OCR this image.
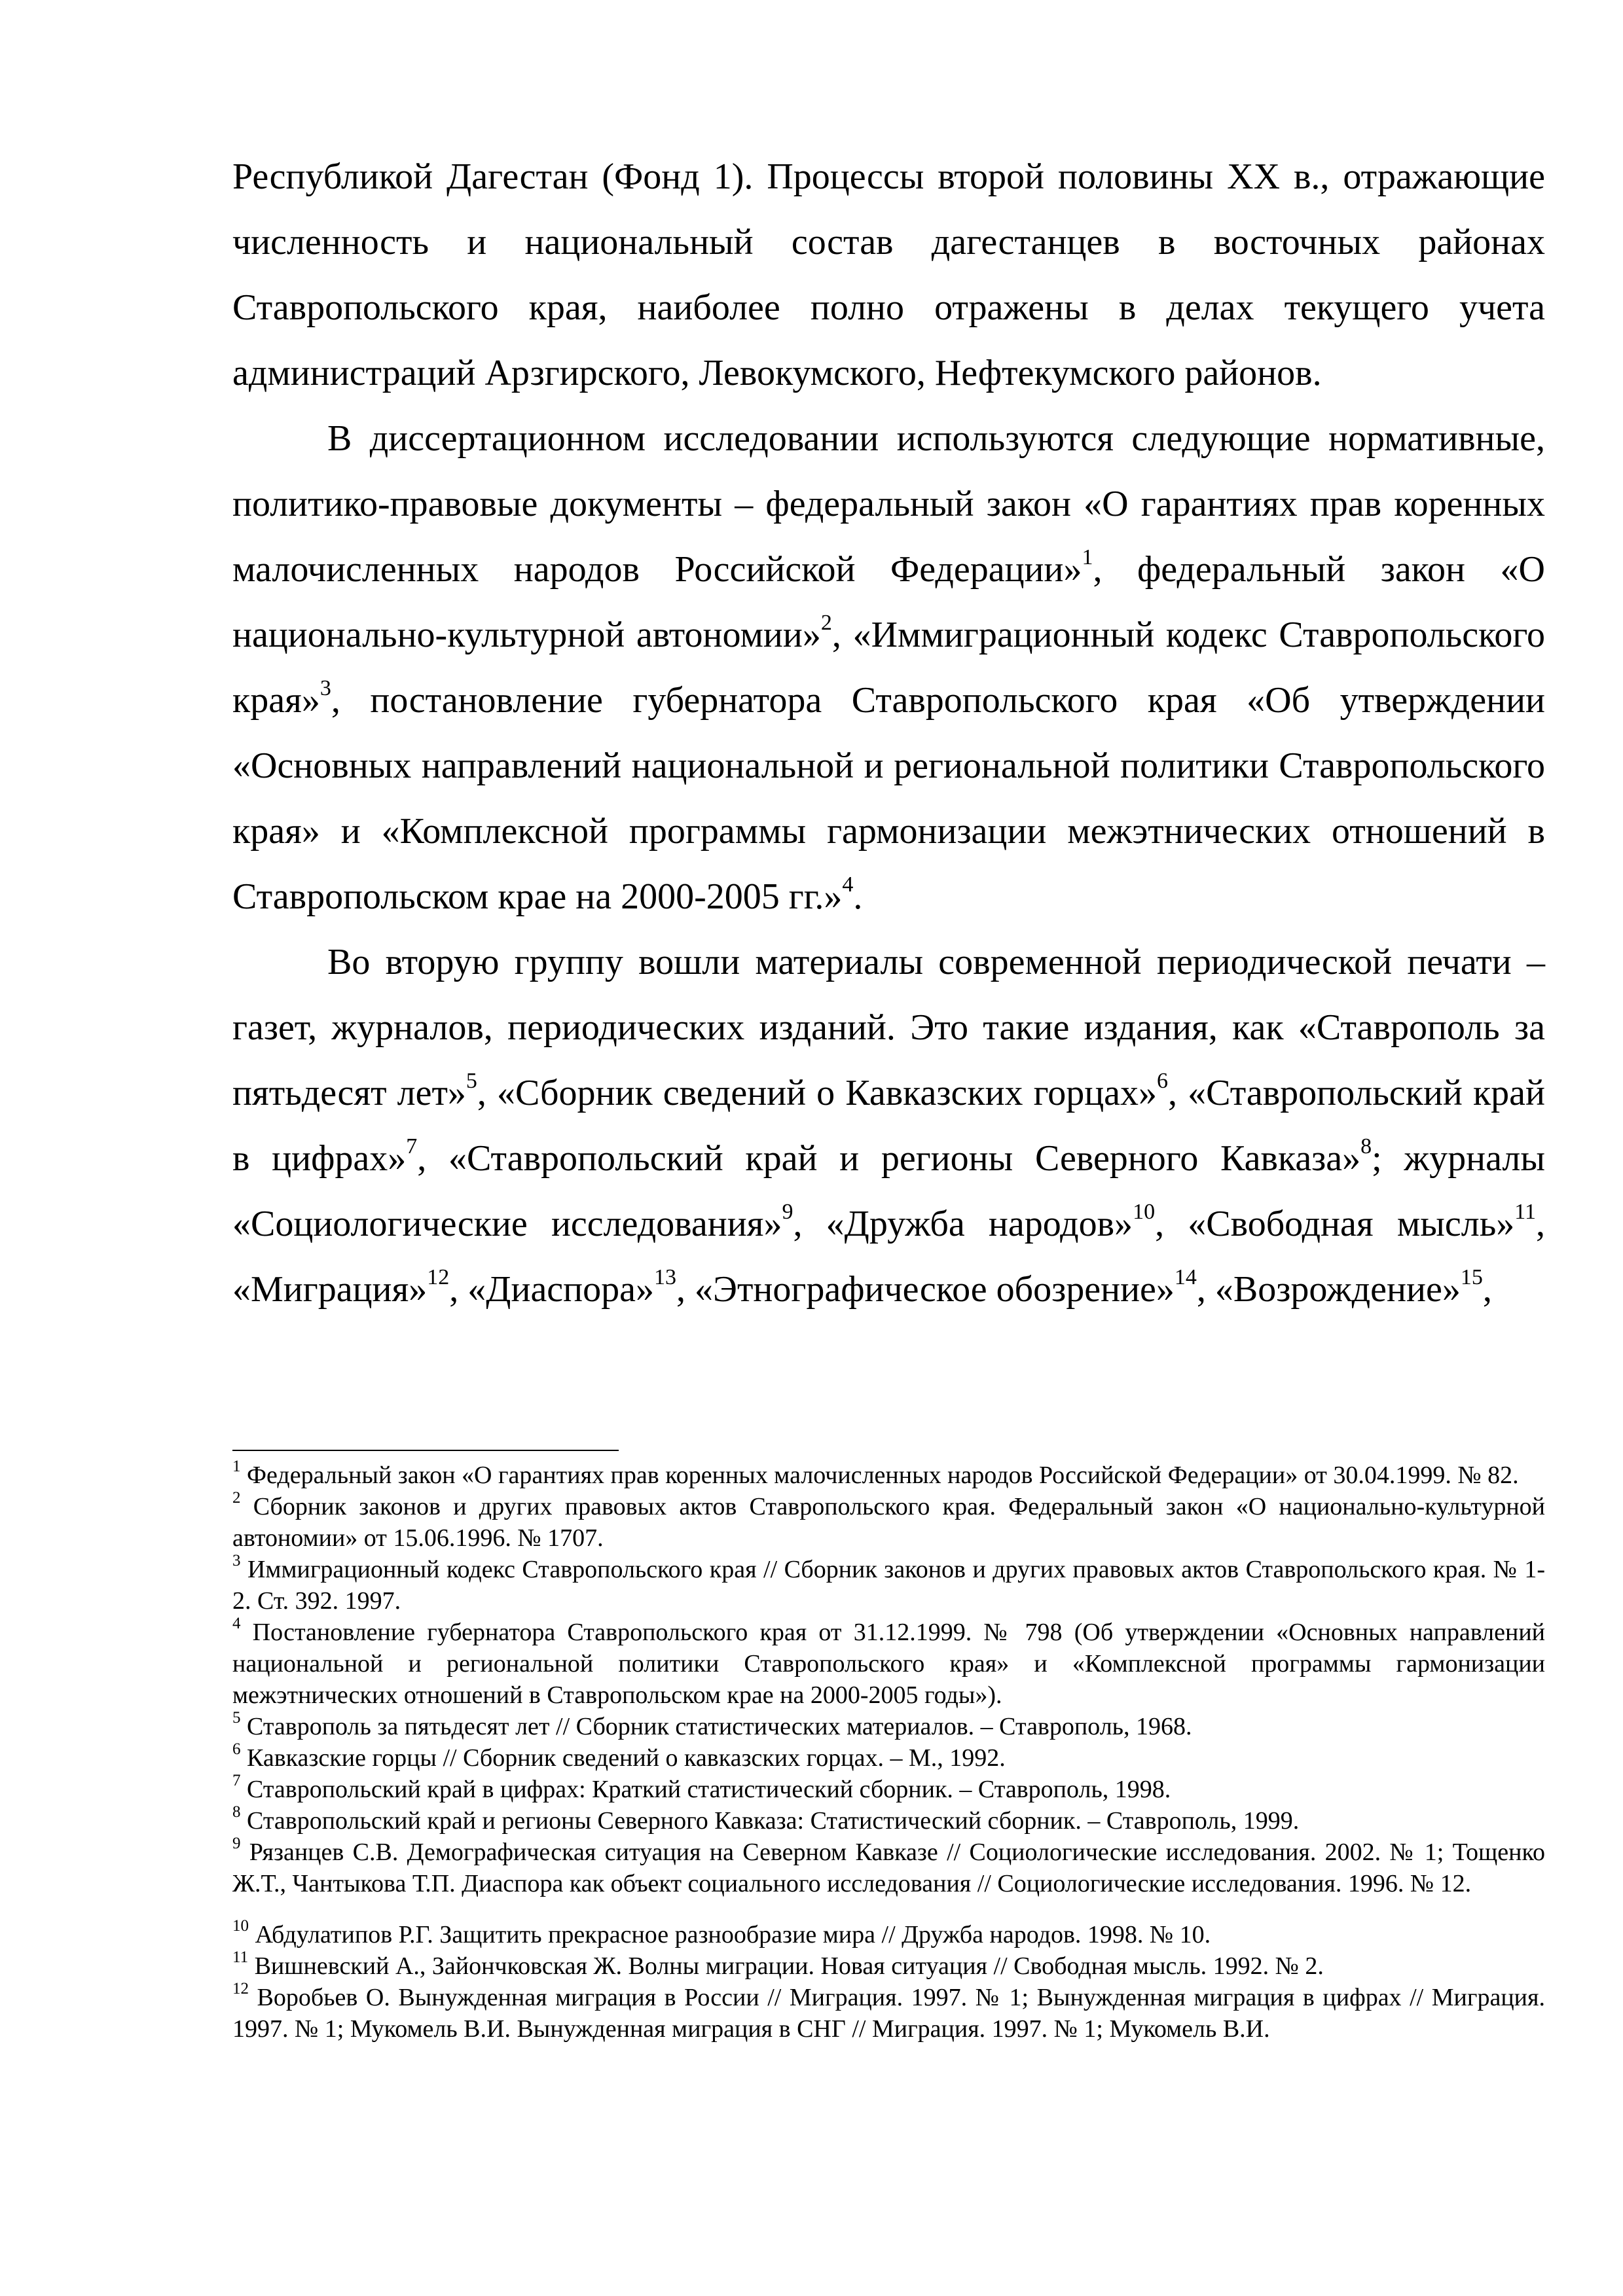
Республикой Дагестан (Фонд 1). Процессы второй половины XX в., отражающие численность и национальный состав дагестанцев в восточных районах Ставропольского края, наиболее полно отражены в делах текущего учета администраций Арзгирского, Левокумского, Нефтекумского районов.

В диссертационном исследовании используются следующие нормативные, политико-правовые документы – федеральный закон «О гарантиях прав коренных малочисленных народов Российской Федерации»$^1$, федеральный закон «О национально-культурной автономии»$^2$, «Иммиграционный кодекс Ставропольского края»$^3$, постановление губернатора Ставропольского края «Об утверждении «Основных направлений национальной и региональной политики Ставропольского края» и «Комплексной программы гармонизации межэтнических отношений в Ставропольском крае на 2000-2005 гг.»$^4$.

Во вторую группу вошли материалы современной периодической печати – газет, журналов, периодических изданий. Это такие издания, как «Ставрополь за пятьдесят лет»$^5$, «Сборник сведений о Кавказских горцах»$^6$, «Ставропольский край в цифрах»$^7$, «Ставропольский край и регионы Северного Кавказа»$^8$; журналы «Социологические исследования»$^9$, «Дружба народов»$^{10}$, «Свободная мысль»$^{11}$, «Миграция»$^{12}$, «Диаспора»$^{13}$, «Этнографическое обозрение»$^{14}$, «Возрождение»$^{15}$,

$^1$ Федеральный закон «О гарантиях прав коренных малочисленных народов Российской Федерации» от 30.04.1999. № 82.

$^2$ Сборник законов и других правовых актов Ставропольского края. Федеральный закон «О национально-культурной автономии» от 15.06.1996. № 1707.

$^3$ Иммиграционный кодекс Ставропольского края // Сборник законов и других правовых актов Ставропольского края. № 1-2. Ст. 392. 1997.

$^4$ Постановление губернатора Ставропольского края от 31.12.1999. № 798 (Об утверждении «Основных направлений национальной и региональной политики Ставропольского края» и «Комплексной программы гармонизации межэтнических отношений в Ставропольском крае на 2000-2005 годы»).

$^5$ Ставрополь за пятьдесят лет // Сборник статистических материалов. – Ставрополь, 1968.

$^6$ Кавказские горцы // Сборник сведений о кавказских горцах. – М., 1992.

$^7$ Ставропольский край в цифрах: Краткий статистический сборник. – Ставрополь, 1998.

$^8$ Ставропольский край и регионы Северного Кавказа: Статистический сборник. – Ставрополь, 1999.

$^9$ Рязанцев С.В. Демографическая ситуация на Северном Кавказе // Социологические исследования. 2002. № 1; Тощенко Ж.Т., Чантыкова Т.П. Диаспора как объект социального исследования // Социологические исследования. 1996. № 12.

$^{10}$ Абдулатипов Р.Г. Защитить прекрасное разнообразие мира // Дружба народов. 1998. № 10.

$^{11}$ Вишневский А., Зайончковская Ж. Волны миграции. Новая ситуация // Свободная мысль. 1992. № 2.

$^{12}$ Воробьев О. Вынужденная миграция в России // Миграция. 1997. № 1; Вынужденная миграция в цифрах // Миграция. 1997. № 1; Мукомель В.И. Вынужденная миграция в СНГ // Миграция. 1997. № 1; Мукомель В.И.
